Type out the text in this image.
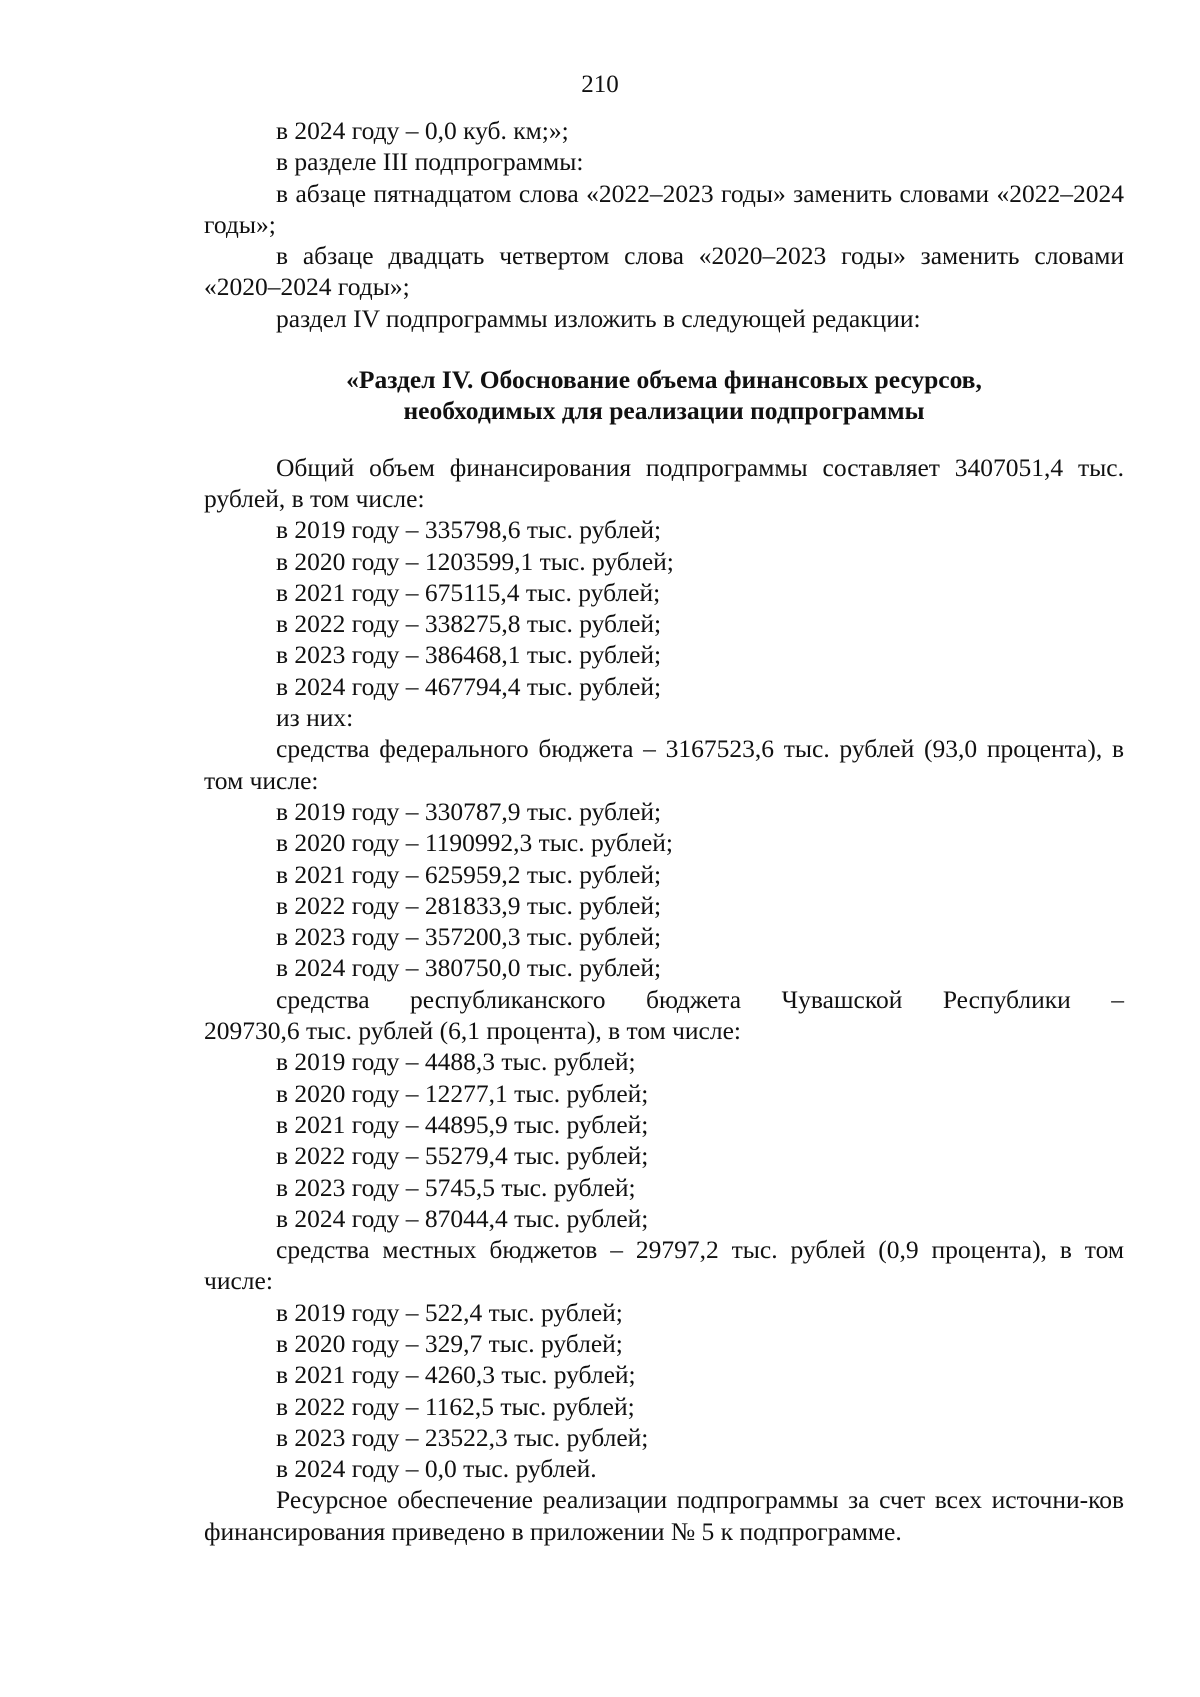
210

в 2024 году – 0,0 куб. км;»;

в разделе III подпрограммы:

в абзаце пятнадцатом слова «2022–2023 годы» заменить словами «2022–2024 годы»;

в абзаце двадцать четвертом слова «2020–2023 годы» заменить словами «2020–2024 годы»;

раздел IV подпрограммы изложить в следующей редакции:

«Раздел IV. Обоснование объема финансовых ресурсов,
необходимых для реализации подпрограммы

Общий объем финансирования подпрограммы составляет 3407051,4 тыс. рублей, в том числе:

в 2019 году – 335798,6 тыс. рублей;

в 2020 году – 1203599,1 тыс. рублей;

в 2021 году – 675115,4 тыс. рублей;

в 2022 году – 338275,8 тыс. рублей;

в 2023 году – 386468,1 тыс. рублей;

в 2024 году – 467794,4 тыс. рублей;

из них:

средства федерального бюджета – 3167523,6 тыс. рублей (93,0 процента), в том числе:

в 2019 году – 330787,9 тыс. рублей;

в 2020 году – 1190992,3 тыс. рублей;

в 2021 году – 625959,2 тыс. рублей;

в 2022 году – 281833,9 тыс. рублей;

в 2023 году – 357200,3 тыс. рублей;

в 2024 году – 380750,0 тыс. рублей;

средства республиканского бюджета Чувашской Республики –

209730,6 тыс. рублей (6,1 процента), в том числе:

в 2019 году – 4488,3 тыс. рублей;

в 2020 году – 12277,1 тыс. рублей;

в 2021 году – 44895,9 тыс. рублей;

в 2022 году – 55279,4 тыс. рублей;

в 2023 году – 5745,5 тыс. рублей;

в 2024 году – 87044,4 тыс. рублей;

средства местных бюджетов – 29797,2 тыс. рублей (0,9 процента), в том числе:

в 2019 году – 522,4 тыс. рублей;

в 2020 году – 329,7 тыс. рублей;

в 2021 году – 4260,3 тыс. рублей;

в 2022 году – 1162,5 тыс. рублей;

в 2023 году – 23522,3 тыс. рублей;

в 2024 году – 0,0 тыс. рублей.

Ресурсное обеспечение реализации подпрограммы за счет всех источни-ков финансирования приведено в приложении № 5 к подпрограмме.
